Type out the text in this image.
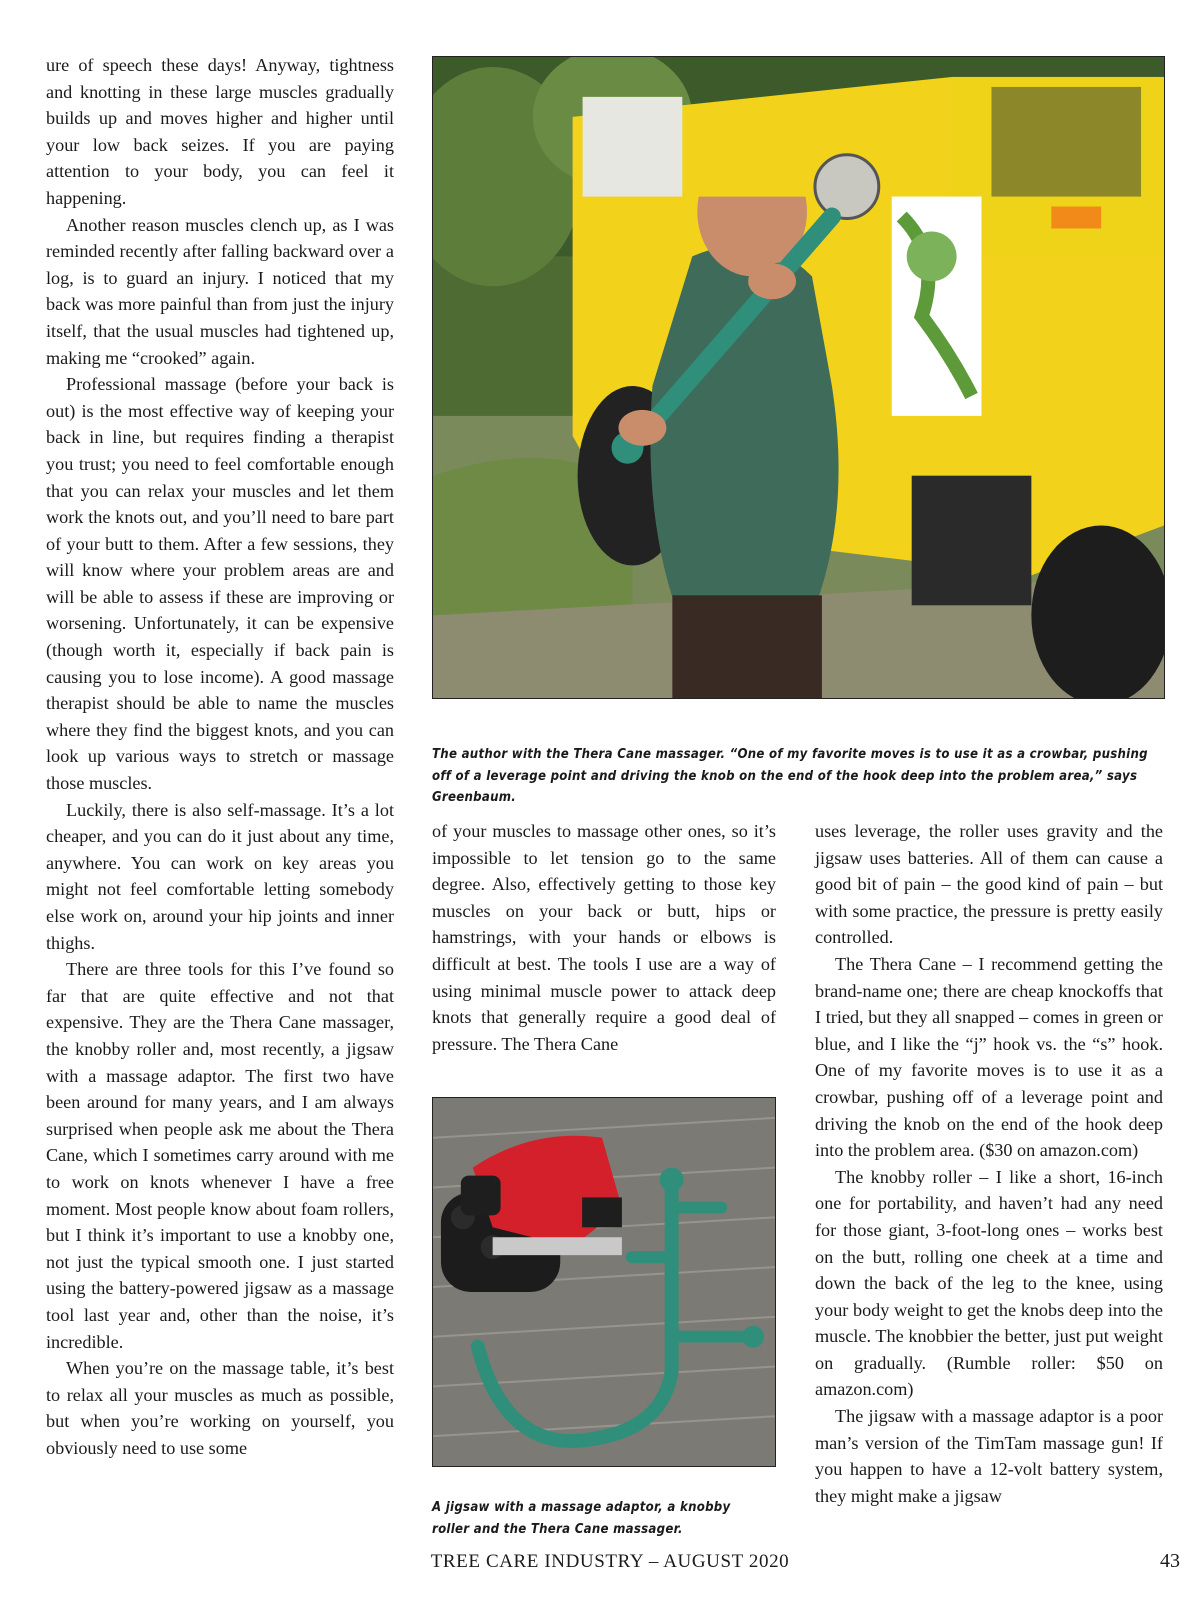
ure of speech these days! Anyway, tightness and knotting in these large muscles gradually builds up and moves higher and higher until your low back seizes. If you are paying attention to your body, you can feel it happening.

Another reason muscles clench up, as I was reminded recently after falling backward over a log, is to guard an injury. I noticed that my back was more painful than from just the injury itself, that the usual muscles had tightened up, making me “crooked” again.

Professional massage (before your back is out) is the most effective way of keeping your back in line, but requires finding a therapist you trust; you need to feel comfortable enough that you can relax your muscles and let them work the knots out, and you’ll need to bare part of your butt to them. After a few sessions, they will know where your problem areas are and will be able to assess if these are improving or worsening. Unfortunately, it can be expensive (though worth it, especially if back pain is causing you to lose income). A good massage therapist should be able to name the muscles where they find the biggest knots, and you can look up various ways to stretch or massage those muscles.

Luckily, there is also self-massage. It’s a lot cheaper, and you can do it just about any time, anywhere. You can work on key areas you might not feel comfortable letting somebody else work on, around your hip joints and inner thighs.

There are three tools for this I’ve found so far that are quite effective and not that expensive. They are the Thera Cane massager, the knobby roller and, most recently, a jigsaw with a massage adaptor. The first two have been around for many years, and I am always surprised when people ask me about the Thera Cane, which I sometimes carry around with me to work on knots whenever I have a free moment. Most people know about foam rollers, but I think it’s important to use a knobby one, not just the typical smooth one. I just started using the battery-powered jigsaw as a massage tool last year and, other than the noise, it’s incredible.

When you’re on the massage table, it’s best to relax all your muscles as much as possible, but when you’re working on yourself, you obviously need to use some

The author with the Thera Cane massager. “One of my favorite moves is to use it as a crowbar, pushing off of a leverage point and driving the knob on the end of the hook deep into the problem area,” says Greenbaum.

of your muscles to massage other ones, so it’s impossible to let tension go to the same degree. Also, effectively getting to those key muscles on your back or butt, hips or hamstrings, with your hands or elbows is difficult at best. The tools I use are a way of using minimal muscle power to attack deep knots that generally require a good deal of pressure. The Thera Cane

A jigsaw with a massage adaptor, a knobby roller and the Thera Cane massager.

uses leverage, the roller uses gravity and the jigsaw uses batteries. All of them can cause a good bit of pain – the good kind of pain – but with some practice, the pressure is pretty easily controlled.

The Thera Cane – I recommend getting the brand-name one; there are cheap knockoffs that I tried, but they all snapped – comes in green or blue, and I like the “j” hook vs. the “s” hook. One of my favorite moves is to use it as a crowbar, pushing off of a leverage point and driving the knob on the end of the hook deep into the problem area. ($30 on amazon.com)

The knobby roller – I like a short, 16-inch one for portability, and haven’t had any need for those giant, 3-foot-long ones – works best on the butt, rolling one cheek at a time and down the back of the leg to the knee, using your body weight to get the knobs deep into the muscle. The knobbier the better, just put weight on gradually. (Rumble roller: $50 on amazon.com)

The jigsaw with a massage adaptor is a poor man’s version of the TimTam massage gun! If you happen to have a 12-volt battery system, they might make a jigsaw

TREE CARE INDUSTRY – AUGUST 2020	43
